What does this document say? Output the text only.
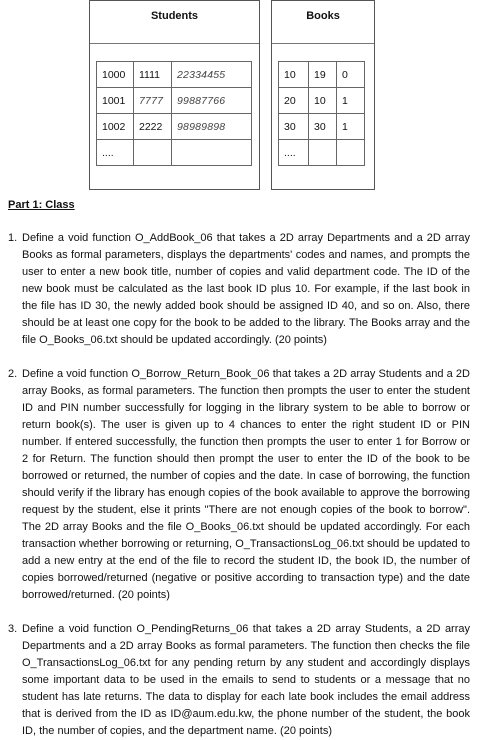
Students
1000	1111	22334455
1001	7777	99887766
1002	2222	98989898
....		
Books
10	19	0
20	10	1
30	30	1
....		

Part 1: Class

1. Define a void function O_AddBook_06 that takes a 2D array Departments and a 2D array Books as formal parameters, displays the departments' codes and names, and prompts the user to enter a new book title, number of copies and valid department code. The ID of the new book must be calculated as the last book ID plus 10. For example, if the last book in the file has ID 30, the newly added book should be assigned ID 40, and so on. Also, there should be at least one copy for the book to be added to the library. The Books array and the file O_Books_06.txt should be updated accordingly. (20 points)

2. Define a void function O_Borrow_Return_Book_06 that takes a 2D array Students and a 2D array Books, as formal parameters. The function then prompts the user to enter the student ID and PIN number successfully for logging in the library system to be able to borrow or return book(s). The user is given up to 4 chances to enter the right student ID or PIN number. If entered successfully, the function then prompts the user to enter 1 for Borrow or 2 for Return. The function should then prompt the user to enter the ID of the book to be borrowed or returned, the number of copies and the date. In case of borrowing, the function should verify if the library has enough copies of the book available to approve the borrowing request by the student, else it prints "There are not enough copies of the book to borrow". The 2D array Books and the file O_Books_06.txt should be updated accordingly. For each transaction whether borrowing or returning, O_TransactionsLog_06.txt should be updated to add a new entry at the end of the file to record the student ID, the book ID, the number of copies borrowed/returned (negative or positive according to transaction type) and the date borrowed/returned. (20 points)

3. Define a void function O_PendingReturns_06 that takes a 2D array Students, a 2D array Departments and a 2D array Books as formal parameters. The function then checks the file O_TransactionsLog_06.txt for any pending return by any student and accordingly displays some important data to be used in the emails to send to students or a message that no student has late returns. The data to display for each late book includes the email address that is derived from the ID as ID@aum.edu.kw, the phone number of the student, the book ID, the number of copies, and the department name. (20 points)
